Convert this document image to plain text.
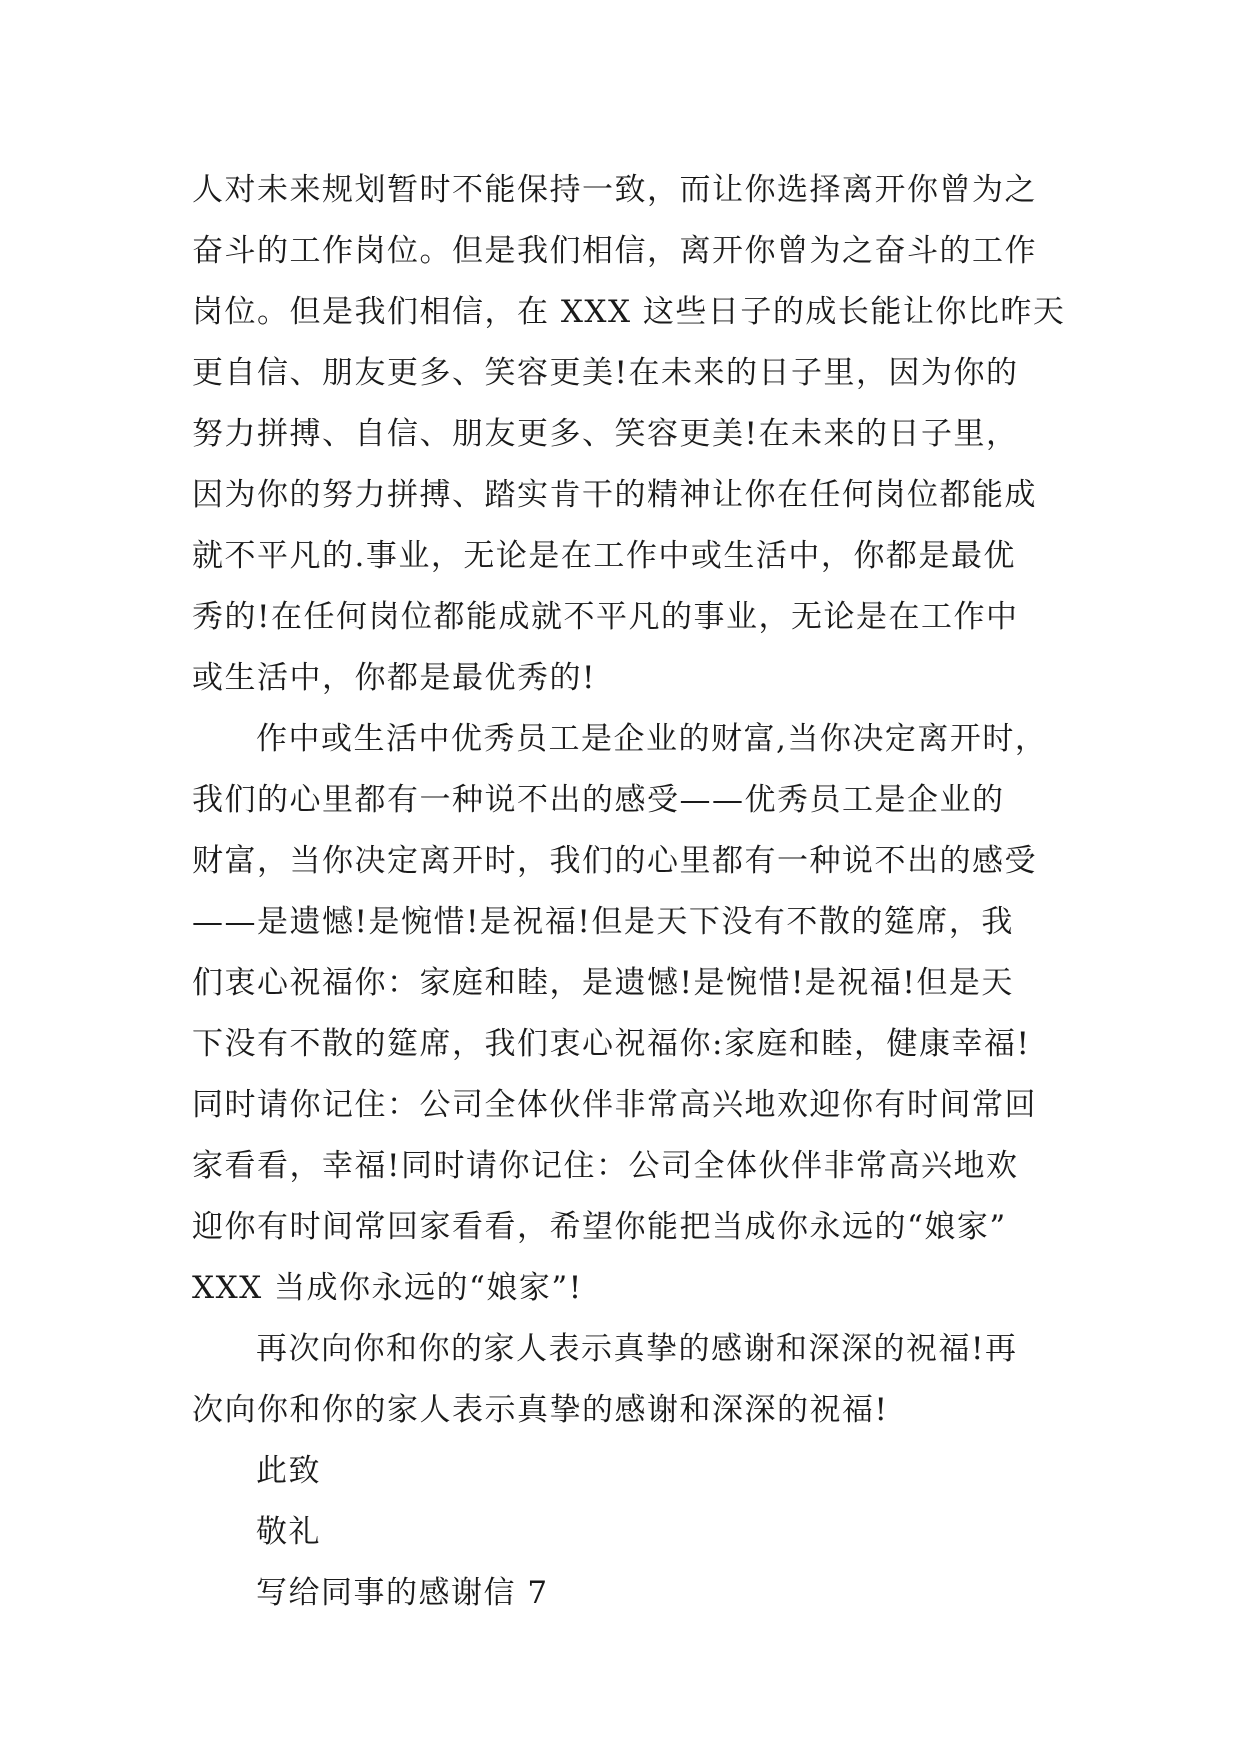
人对未来规划暂时不能保持一致，而让你选择离开你曾为之
奋斗的工作岗位。但是我们相信，离开你曾为之奋斗的工作
岗位。但是我们相信，在 XXX 这些日子的成长能让你比昨天
更自信、朋友更多、笑容更美!在未来的日子里，因为你的
努力拼搏、自信、朋友更多、笑容更美!在未来的日子里，
因为你的努力拼搏、踏实肯干的精神让你在任何岗位都能成
就不平凡的.事业，无论是在工作中或生活中，你都是最优
秀的!在任何岗位都能成就不平凡的事业，无论是在工作中
或生活中，你都是最优秀的!
作中或生活中优秀员工是企业的财富,当你决定离开时，
我们的心里都有一种说不出的感受——优秀员工是企业的
财富，当你决定离开时，我们的心里都有一种说不出的感受
——是遗憾!是惋惜!是祝福!但是天下没有不散的筵席，我
们衷心祝福你：家庭和睦，是遗憾!是惋惜!是祝福!但是天
下没有不散的筵席，我们衷心祝福你:家庭和睦，健康幸福!
同时请你记住：公司全体伙伴非常高兴地欢迎你有时间常回
家看看，幸福!同时请你记住：公司全体伙伴非常高兴地欢
迎你有时间常回家看看，希望你能把当成你永远的“娘家”
XXX 当成你永远的“娘家”!
再次向你和你的家人表示真挚的感谢和深深的祝福!再
次向你和你的家人表示真挚的感谢和深深的祝福!
此致
敬礼
写给同事的感谢信 7
